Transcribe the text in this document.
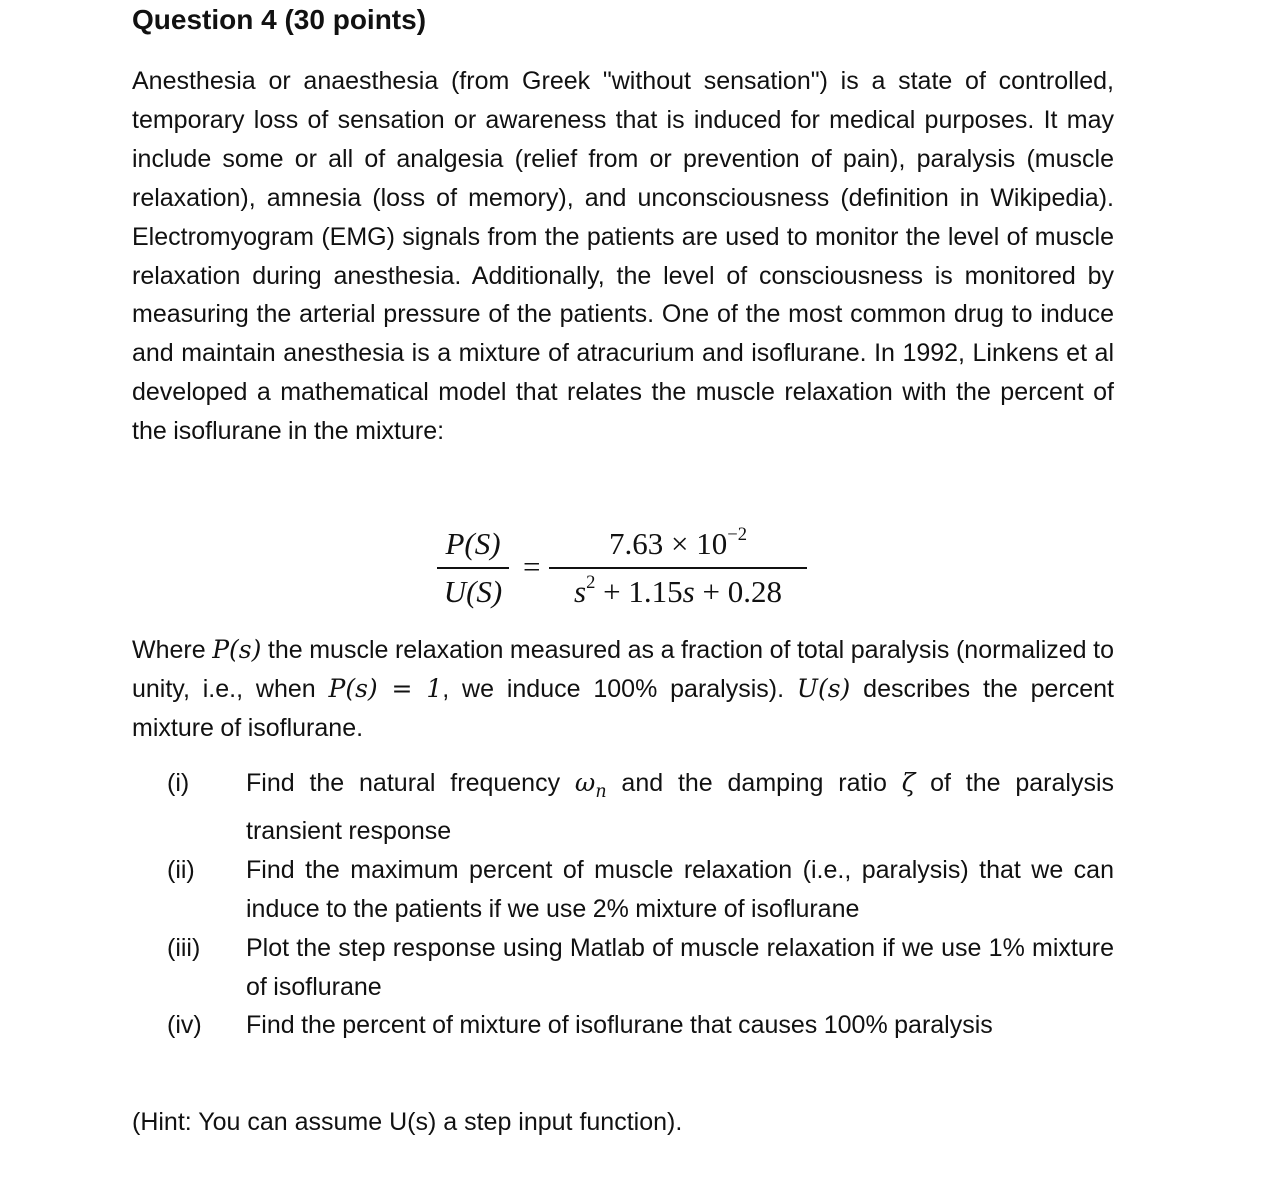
Question 4 (30 points)
Anesthesia or anaesthesia (from Greek "without sensation") is a state of controlled, temporary loss of sensation or awareness that is induced for medical purposes. It may include some or all of analgesia (relief from or prevention of pain), paralysis (muscle relaxation), amnesia (loss of memory), and unconsciousness (definition in Wikipedia). Electromyogram (EMG) signals from the patients are used to monitor the level of muscle relaxation during anesthesia. Additionally, the level of consciousness is monitored by measuring the arterial pressure of the patients. One of the most common drug to induce and maintain anesthesia is a mixture of atracurium and isoflurane. In 1992, Linkens et al developed a mathematical model that relates the muscle relaxation with the percent of the isoflurane in the mixture:
P(S)
U(S)
=
$7.63 \times 10^{-2}$
$s^2 + 1.15s + 0.28$
Where P(s) the muscle relaxation measured as a fraction of total paralysis (normalized to unity, i.e., when P(s) = 1, we induce 100% paralysis). U(s) describes the percent mixture of isoflurane.
(i) Find the natural frequency $\omega_n$ and the damping ratio ζ of the paralysis transient response
(ii) Find the maximum percent of muscle relaxation (i.e., paralysis) that we can induce to the patients if we use 2% mixture of isoflurane
(iii) Plot the step response using Matlab of muscle relaxation if we use 1% mixture of isoflurane
(iv) Find the percent of mixture of isoflurane that causes 100% paralysis
(Hint: You can assume U(s) a step input function).
